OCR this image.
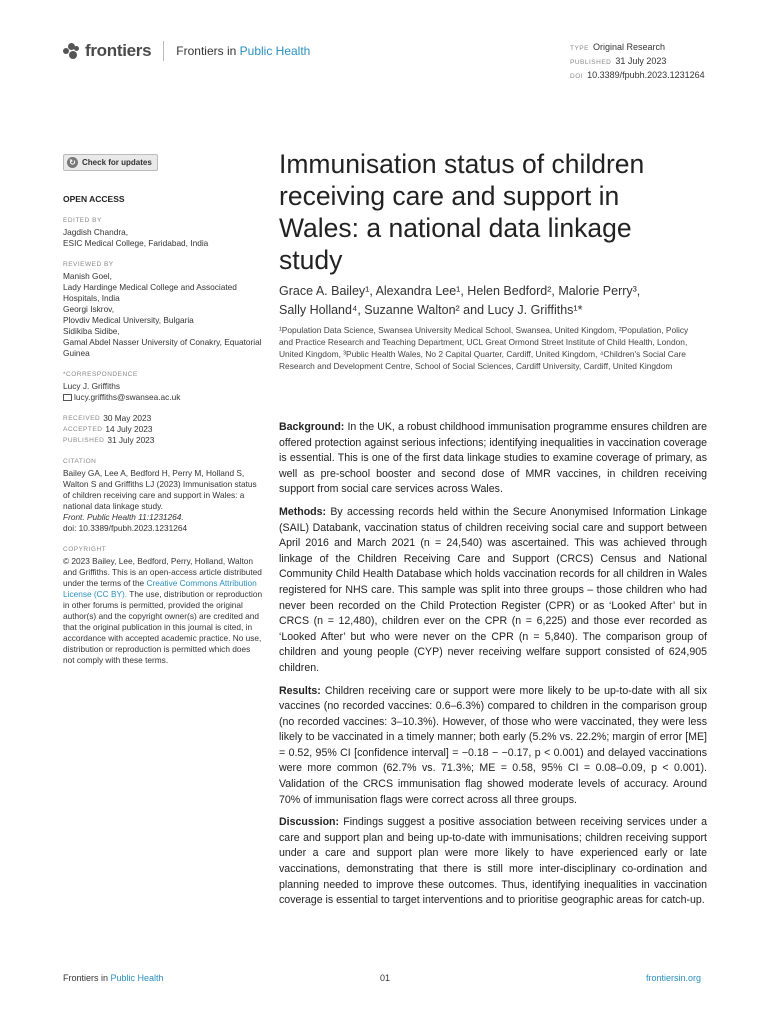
frontiers Frontiers in Public Health	TYPE Original Research
PUBLISHED 31 July 2023
DOI 10.3389/fpubh.2023.1231264
↻ Check for updates
OPEN ACCESS
EDITED BY
Jagdish Chandra,
ESIC Medical College, Faridabad, India
REVIEWED BY
Manish Goel,
Lady Hardinge Medical College and Associated Hospitals, India
Georgi Iskrov,
Plovdiv Medical University, Bulgaria
Sidikiba Sidibe,
Gamal Abdel Nasser University of Conakry, Equatorial Guinea
*CORRESPONDENCE
Lucy J. Griffiths
lucy.griffiths@swansea.ac.uk
RECEIVED 30 May 2023
ACCEPTED 14 July 2023
PUBLISHED 31 July 2023
CITATION
Bailey GA, Lee A, Bedford H, Perry M, Holland S, Walton S and Griffiths LJ (2023) Immunisation status of children receiving care and support in Wales: a national data linkage study.
Front. Public Health 11:1231264.
doi: 10.3389/fpubh.2023.1231264
COPYRIGHT
© 2023 Bailey, Lee, Bedford, Perry, Holland, Walton and Griffiths. This is an open-access article distributed under the terms of the Creative Commons Attribution License (CC BY). The use, distribution or reproduction in other forums is permitted, provided the original author(s) and the copyright owner(s) are credited and that the original publication in this journal is cited, in accordance with accepted academic practice. No use, distribution or reproduction is permitted which does not comply with these terms.
Immunisation status of children receiving care and support in Wales: a national data linkage study
Grace A. Bailey¹, Alexandra Lee¹, Helen Bedford², Malorie Perry³,
Sally Holland⁴, Suzanne Walton² and Lucy J. Griffiths¹*
¹Population Data Science, Swansea University Medical School, Swansea, United Kingdom, ²Population, Policy and Practice Research and Teaching Department, UCL Great Ormond Street Institute of Child Health, London, United Kingdom, ³Public Health Wales, No 2 Capital Quarter, Cardiff, United Kingdom, ⁴Children's Social Care Research and Development Centre, School of Social Sciences, Cardiff University, Cardiff, United Kingdom

Background: In the UK, a robust childhood immunisation programme ensures children are offered protection against serious infections; identifying inequalities in vaccination coverage is essential. This is one of the first data linkage studies to examine coverage of primary, as well as pre-school booster and second dose of MMR vaccines, in children receiving support from social care services across Wales.

Methods: By accessing records held within the Secure Anonymised Information Linkage (SAIL) Databank, vaccination status of children receiving social care and support between April 2016 and March 2021 (n = 24,540) was ascertained. This was achieved through linkage of the Children Receiving Care and Support (CRCS) Census and National Community Child Health Database which holds vaccination records for all children in Wales registered for NHS care. This sample was split into three groups – those children who had never been recorded on the Child Protection Register (CPR) or as ‘Looked After’ but in CRCS (n = 12,480), children ever on the CPR (n = 6,225) and those ever recorded as ‘Looked After’ but who were never on the CPR (n = 5,840). The comparison group of children and young people (CYP) never receiving welfare support consisted of 624,905 children.

Results: Children receiving care or support were more likely to be up-to-date with all six vaccines (no recorded vaccines: 0.6–6.3%) compared to children in the comparison group (no recorded vaccines: 3–10.3%). However, of those who were vaccinated, they were less likely to be vaccinated in a timely manner; both early (5.2% vs. 22.2%; margin of error [ME] = 0.52, 95% CI [confidence interval] = −0.18 − −0.17, p < 0.001) and delayed vaccinations were more common (62.7% vs. 71.3%; ME = 0.58, 95% CI = 0.08–0.09, p < 0.001). Validation of the CRCS immunisation flag showed moderate levels of accuracy. Around 70% of immunisation flags were correct across all three groups.

Discussion: Findings suggest a positive association between receiving services under a care and support plan and being up-to-date with immunisations; children receiving support under a care and support plan were more likely to have experienced early or late vaccinations, demonstrating that there is still more inter-disciplinary co-ordination and planning needed to improve these outcomes. Thus, identifying inequalities in vaccination coverage is essential to target interventions and to prioritise geographic areas for catch-up.

Frontiers in Public Health	01	frontiersin.org
